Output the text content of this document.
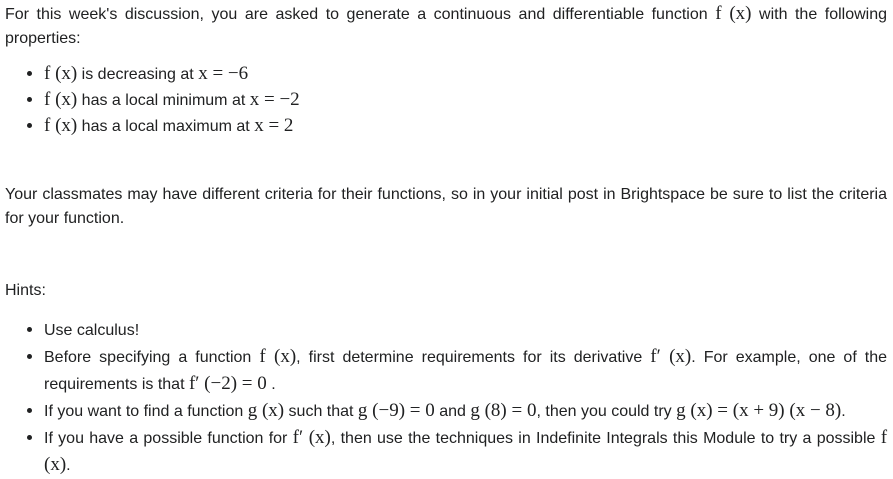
For this week's discussion, you are asked to generate a continuous and differentiable function f (x) with the following properties:

• f (x) is decreasing at x = −6
• f (x) has a local minimum at x = −2
• f (x) has a local maximum at x = 2

Your classmates may have different criteria for their functions, so in your initial post in Brightspace be sure to list the criteria for your function.

Hints:

• Use calculus!
• Before specifying a function f (x), first determine requirements for its derivative f′ (x). For example, one of the requirements is that f′ (−2) = 0 .
• If you want to find a function g (x) such that g (−9) = 0 and g (8) = 0, then you could try g (x) = (x + 9) (x − 8).
• If you have a possible function for f′ (x), then use the techniques in Indefinite Integrals this Module to try a possible f (x).
